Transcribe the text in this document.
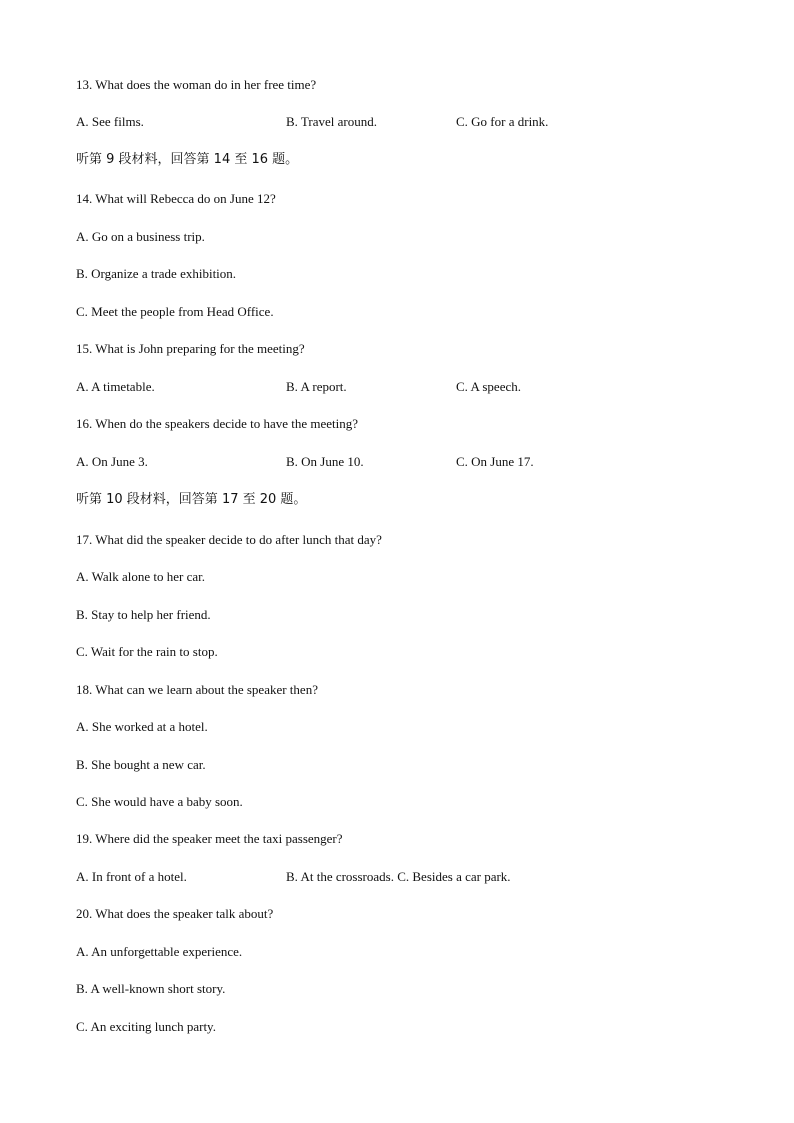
13. What does the woman do in her free time?
A. See films.	B. Travel around.	C. Go for a drink.
听第 9 段材料，回答第 14 至 16 题。
14. What will Rebecca do on June 12?
A. Go on a business trip.
B. Organize a trade exhibition.
C. Meet the people from Head Office.
15. What is John preparing for the meeting?
A. A timetable.	B. A report.	C. A speech.
16. When do the speakers decide to have the meeting?
A. On June 3.	B. On June 10.	C. On June 17.
听第 10 段材料，回答第 17 至 20 题。
17. What did the speaker decide to do after lunch that day?
A. Walk alone to her car.
B. Stay to help her friend.
C. Wait for the rain to stop.
18. What can we learn about the speaker then?
A. She worked at a hotel.
B. She bought a new car.
C. She would have a baby soon.
19. Where did the speaker meet the taxi passenger?
A. In front of a hotel.	B. At the crossroads. C. Besides a car park.
20. What does the speaker talk about?
A. An unforgettable experience.
B. A well-known short story.
C. An exciting lunch party.
